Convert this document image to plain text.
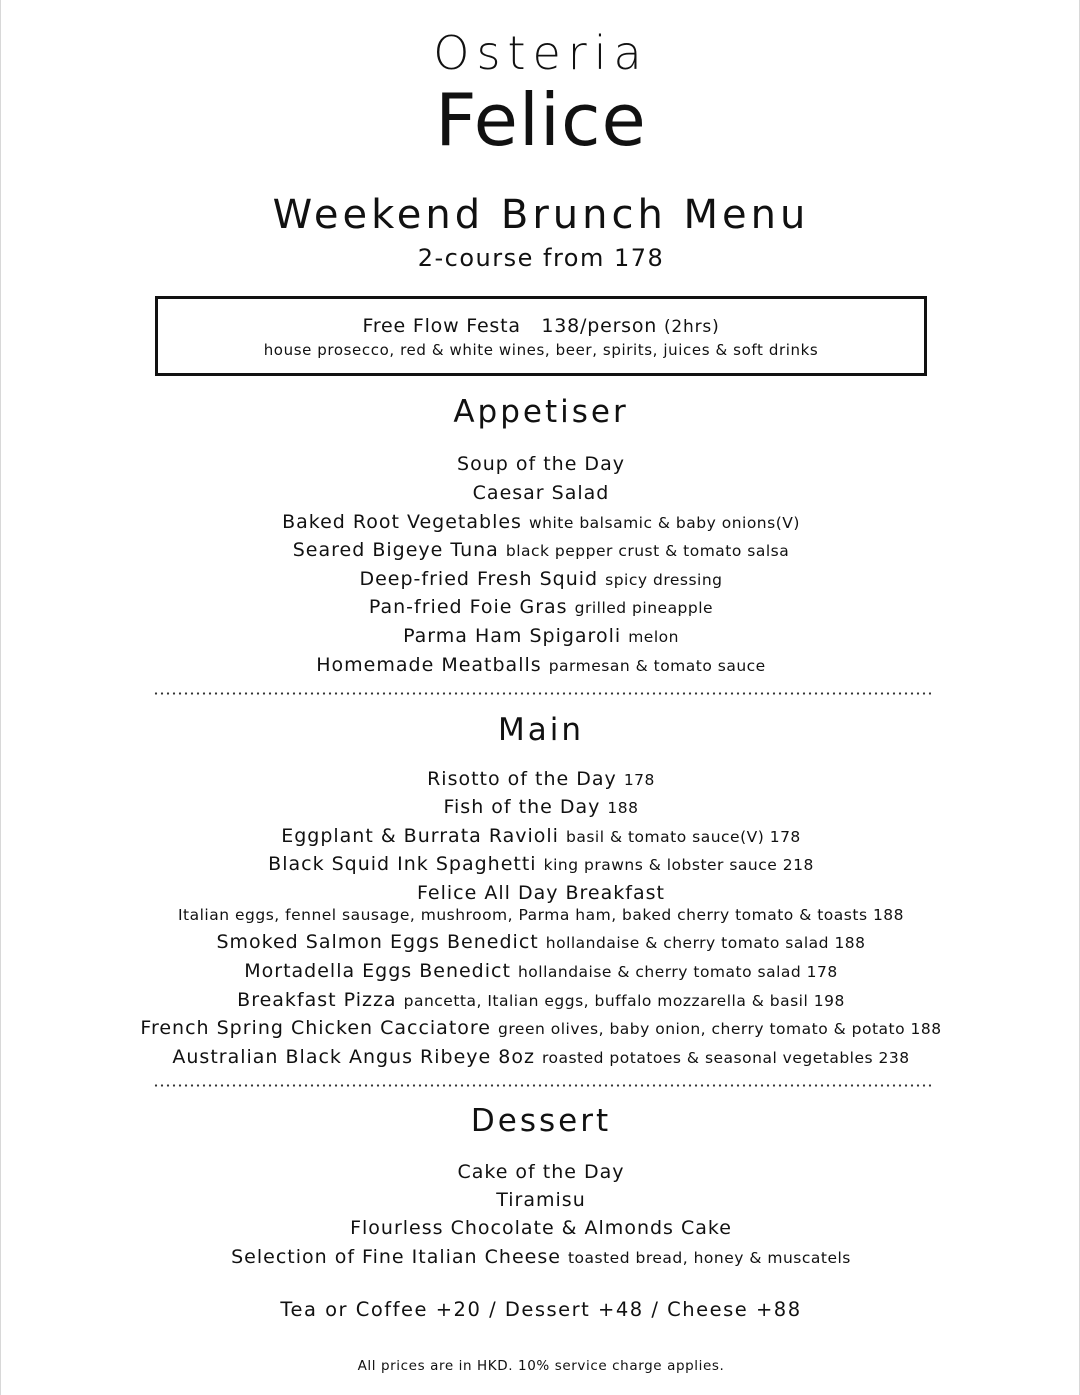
Osteria
Felice
Weekend Brunch Menu
2-course from 178
Free Flow Festa 138/person (2hrs)
house prosecco, red & white wines, beer, spirits, juices & soft drinks
Appetiser
Soup of the Day
Caesar Salad
Baked Root Vegetables white balsamic & baby onions(V)
Seared Bigeye Tuna black pepper crust & tomato salsa
Deep-fried Fresh Squid spicy dressing
Pan-fried Foie Gras grilled pineapple
Parma Ham Spigaroli melon
Homemade Meatballs parmesan & tomato sauce
Main
Risotto of the Day 178
Fish of the Day 188
Eggplant & Burrata Ravioli basil & tomato sauce(V) 178
Black Squid Ink Spaghetti king prawns & lobster sauce 218
Felice All Day Breakfast
Italian eggs, fennel sausage, mushroom, Parma ham, baked cherry tomato & toasts 188
Smoked Salmon Eggs Benedict hollandaise & cherry tomato salad 188
Mortadella Eggs Benedict hollandaise & cherry tomato salad 178
Breakfast Pizza pancetta, Italian eggs, buffalo mozzarella & basil 198
French Spring Chicken Cacciatore green olives, baby onion, cherry tomato & potato 188
Australian Black Angus Ribeye 8oz roasted potatoes & seasonal vegetables 238
Dessert
Cake of the Day
Tiramisu
Flourless Chocolate & Almonds Cake
Selection of Fine Italian Cheese toasted bread, honey & muscatels
Tea or Coffee +20 / Dessert +48 / Cheese +88
All prices are in HKD. 10% service charge applies.
